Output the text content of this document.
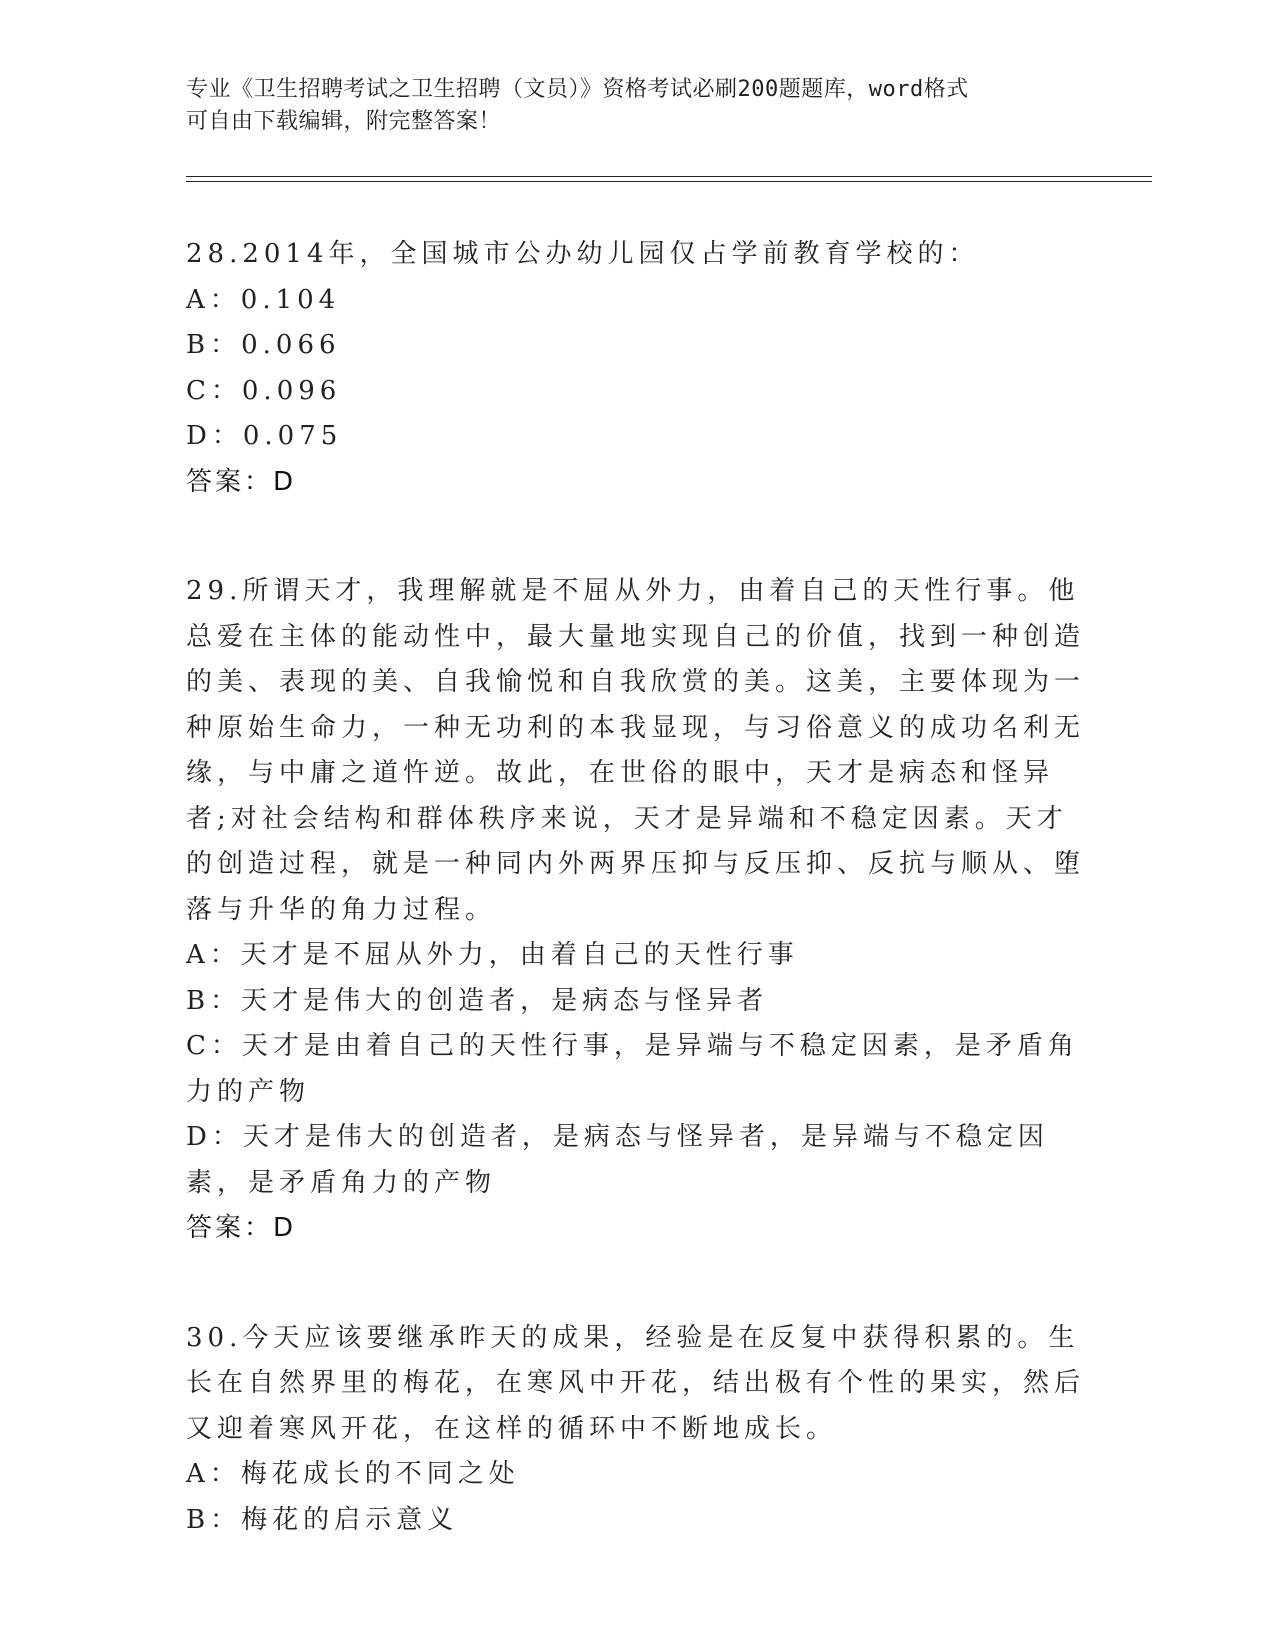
专业《卫生招聘考试之卫生招聘（文员）》资格考试必刷200题题库，word格式
可自由下载编辑，附完整答案！
28.2014年，全国城市公办幼儿园仅占学前教育学校的：
A：0.104
B：0.066
C：0.096
D：0.075
答案：D
29.所谓天才，我理解就是不屈从外力，由着自己的天性行事。他总爱在主体的能动性中，最大量地实现自己的价值，找到一种创造的美、表现的美、自我愉悦和自我欣赏的美。这美，主要体现为一种原始生命力，一种无功利的本我显现，与习俗意义的成功名利无缘，与中庸之道忤逆。故此，在世俗的眼中，天才是病态和怪异者;对社会结构和群体秩序来说，天才是异端和不稳定因素。天才的创造过程，就是一种同内外两界压抑与反压抑、反抗与顺从、堕落与升华的角力过程。
A：天才是不屈从外力，由着自己的天性行事
B：天才是伟大的创造者，是病态与怪异者
C：天才是由着自己的天性行事，是异端与不稳定因素，是矛盾角力的产物
D：天才是伟大的创造者，是病态与怪异者，是异端与不稳定因素，是矛盾角力的产物
答案：D
30.今天应该要继承昨天的成果，经验是在反复中获得积累的。生长在自然界里的梅花，在寒风中开花，结出极有个性的果实，然后又迎着寒风开花，在这样的循环中不断地成长。
A：梅花成长的不同之处
B：梅花的启示意义
